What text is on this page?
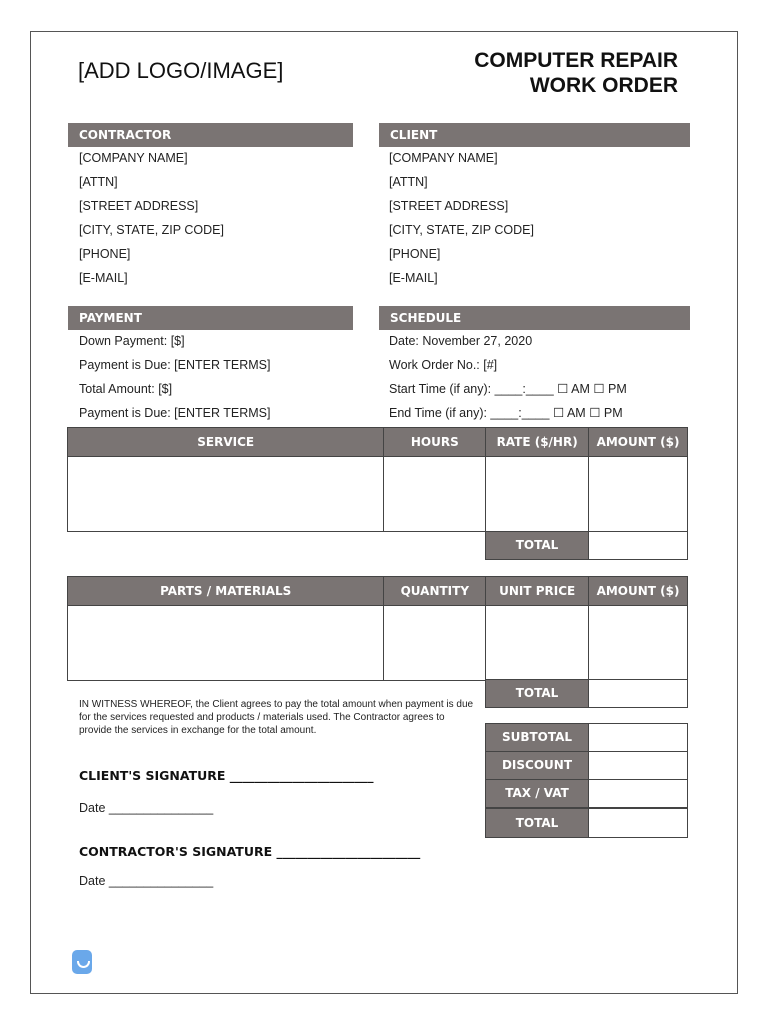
[ADD LOGO/IMAGE]	COMPUTER REPAIR
WORK ORDER
CONTRACTOR	CLIENT
[COMPANY NAME]
[ATTN]
[STREET ADDRESS]
[CITY, STATE, ZIP CODE]
[PHONE]
[E-MAIL]
[COMPANY NAME]
[ATTN]
[STREET ADDRESS]
[CITY, STATE, ZIP CODE]
[PHONE]
[E-MAIL]
PAYMENT	SCHEDULE
Down Payment: [$]
Payment is Due: [ENTER TERMS]
Total Amount: [$]
Payment is Due: [ENTER TERMS]
Date: November 27, 2020
Work Order No.: [#]
Start Time (if any): ____:____ ☐ AM ☐ PM
End Time (if any): ____:____ ☐ AM ☐ PM
SERVICE	HOURS	RATE ($/HR)	AMOUNT ($)

TOTAL
PARTS / MATERIALS	QUANTITY	UNIT PRICE	AMOUNT ($)

TOTAL
SUBTOTAL
DISCOUNT
TAX / VAT
TOTAL
IN WITNESS WHEREOF, the Client agrees to pay the total amount when payment is due for the services requested and products / materials used. The Contractor agrees to provide the services in exchange for the total amount.
CLIENT'S SIGNATURE _______________________
Date _______________
CONTRACTOR'S SIGNATURE _______________________
Date _______________
